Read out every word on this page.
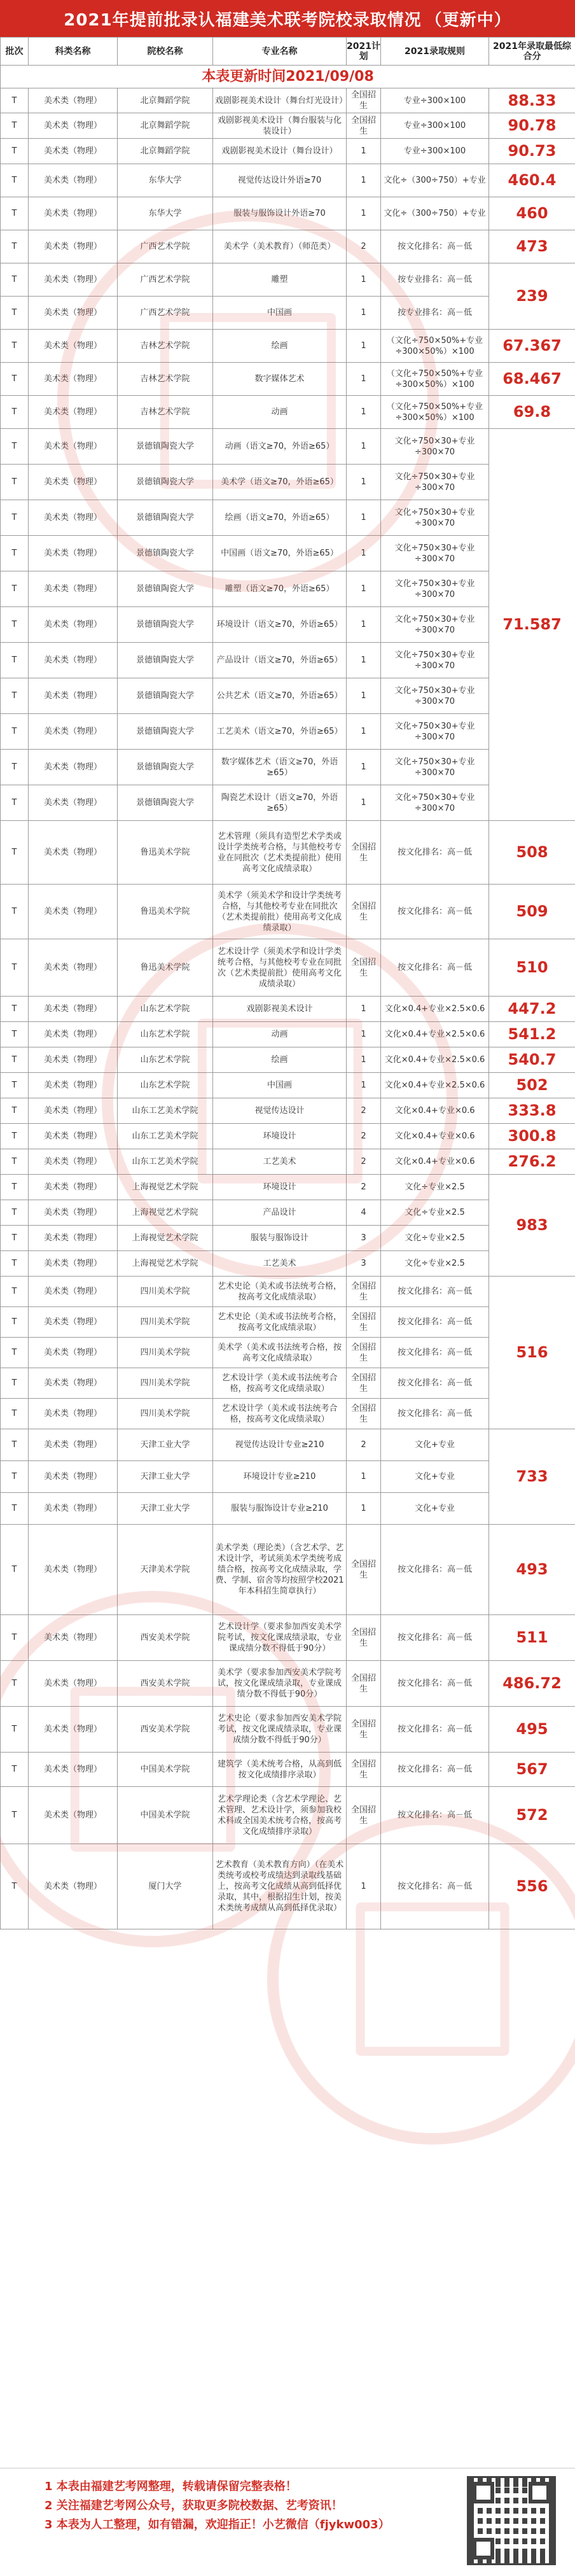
2021年提前批录认福建美术联考院校录取情况 （更新中）
批次	科类名称	院校名称	专业名称	2021计划	2021录取规则	2021年录取最低综合分
本表更新时间2021/09/08						
T	美术类（物理）	北京舞蹈学院	戏剧影视美术设计（舞台灯光设计）	全国招生	专业÷300×100	88.33
T	美术类（物理）	北京舞蹈学院	戏剧影视美术设计（舞台服装与化装设计）	全国招生	专业÷300×100	90.78
T	美术类（物理）	北京舞蹈学院	戏剧影视美术设计（舞台设计）	1	专业÷300×100	90.73
T	美术类（物理）	东华大学	视觉传达设计外语≥70	1	文化÷（300÷750）+专业	460.4
T	美术类（物理）	东华大学	服装与服饰设计外语≥70	1	文化÷（300÷750）+专业	460
T	美术类（物理）	广西艺术学院	美术学（美术教育）（师范类）	2	按文化排名：高－低	473
T	美术类（物理）	广西艺术学院	雕塑	1	按专业排名：高－低	239
T	美术类（物理）	广西艺术学院	中国画	1	按专业排名：高－低	
T	美术类（物理）	吉林艺术学院	绘画	1	（文化÷750×50%+专业÷300×50%）×100	67.367
T	美术类（物理）	吉林艺术学院	数字媒体艺术	1	（文化÷750×50%+专业÷300×50%）×100	68.467
T	美术类（物理）	吉林艺术学院	动画	1	（文化÷750×50%+专业÷300×50%）×100	69.8
T	美术类（物理）	景德镇陶瓷大学	动画（语文≥70，外语≥65）	1	文化÷750×30+专业÷300×70	71.587
T	美术类（物理）	景德镇陶瓷大学	美术学（语文≥70，外语≥65）	1	文化÷750×30+专业÷300×70	
T	美术类（物理）	景德镇陶瓷大学	绘画（语文≥70，外语≥65）	1	文化÷750×30+专业÷300×70	
T	美术类（物理）	景德镇陶瓷大学	中国画（语文≥70，外语≥65）	1	文化÷750×30+专业÷300×70	
T	美术类（物理）	景德镇陶瓷大学	雕塑（语文≥70，外语≥65）	1	文化÷750×30+专业÷300×70	
T	美术类（物理）	景德镇陶瓷大学	环境设计（语文≥70，外语≥65）	1	文化÷750×30+专业÷300×70	
T	美术类（物理）	景德镇陶瓷大学	产品设计（语文≥70，外语≥65）	1	文化÷750×30+专业÷300×70	
T	美术类（物理）	景德镇陶瓷大学	公共艺术（语文≥70，外语≥65）	1	文化÷750×30+专业÷300×70	
T	美术类（物理）	景德镇陶瓷大学	工艺美术（语文≥70，外语≥65）	1	文化÷750×30+专业÷300×70	
T	美术类（物理）	景德镇陶瓷大学	数字媒体艺术（语文≥70，外语≥65）	1	文化÷750×30+专业÷300×70	
T	美术类（物理）	景德镇陶瓷大学	陶瓷艺术设计（语文≥70，外语≥65）	1	文化÷750×30+专业÷300×70	
T	美术类（物理）	鲁迅美术学院	艺术管理（须具有造型艺术学类或设计学类统考合格，与其他校考专业在同批次（艺术类提前批）使用高考文化成绩录取）	全国招生	按文化排名：高－低	508
T	美术类（物理）	鲁迅美术学院	美术学（须美术学和设计学类统考合格，与其他校考专业在同批次（艺术类提前批）使用高考文化成绩录取）	全国招生	按文化排名：高－低	509
T	美术类（物理）	鲁迅美术学院	艺术设计学（须美术学和设计学类统考合格，与其他校考专业在同批次（艺术类提前批）使用高考文化成绩录取）	全国招生	按文化排名：高－低	510
T	美术类（物理）	山东艺术学院	戏剧影视美术设计	1	文化×0.4+专业×2.5×0.6	447.2
T	美术类（物理）	山东艺术学院	动画	1	文化×0.4+专业×2.5×0.6	541.2
T	美术类（物理）	山东艺术学院	绘画	1	文化×0.4+专业×2.5×0.6	540.7
T	美术类（物理）	山东艺术学院	中国画	1	文化×0.4+专业×2.5×0.6	502
T	美术类（物理）	山东工艺美术学院	视觉传达设计	2	文化×0.4+专业×0.6	333.8
T	美术类（物理）	山东工艺美术学院	环境设计	2	文化×0.4+专业×0.6	300.8
T	美术类（物理）	山东工艺美术学院	工艺美术	2	文化×0.4+专业×0.6	276.2
T	美术类（物理）	上海视觉艺术学院	环境设计	2	文化÷专业×2.5	983
T	美术类（物理）	上海视觉艺术学院	产品设计	4	文化÷专业×2.5	
T	美术类（物理）	上海视觉艺术学院	服装与服饰设计	3	文化÷专业×2.5	
T	美术类（物理）	上海视觉艺术学院	工艺美术	3	文化÷专业×2.5	
T	美术类（物理）	四川美术学院	艺术史论（美术或书法统考合格，按高考文化成绩录取）	全国招生	按文化排名：高－低	516
T	美术类（物理）	四川美术学院	艺术史论（美术或书法统考合格，按高考文化成绩录取）	全国招生	按文化排名：高－低	
T	美术类（物理）	四川美术学院	美术学（美术或书法统考合格，按高考文化成绩录取）	全国招生	按文化排名：高－低	
T	美术类（物理）	四川美术学院	艺术设计学（美术或书法统考合格，按高考文化成绩录取）	全国招生	按文化排名：高－低	
T	美术类（物理）	四川美术学院	艺术设计学（美术或书法统考合格，按高考文化成绩录取）	全国招生	按文化排名：高－低	
T	美术类（物理）	天津工业大学	视觉传达设计专业≥210	2	文化+专业	733
T	美术类（物理）	天津工业大学	环境设计专业≥210	1	文化+专业	
T	美术类（物理）	天津工业大学	服装与服饰设计专业≥210	1	文化+专业	
T	美术类（物理）	天津美术学院	美术学类（理论类）（含艺术学、艺术设计学，考试须美术学类统考成绩合格，按高考文化成绩录取，学费、学制、宿舍等均按照学校2021年本科招生简章执行）	全国招生	按文化排名：高－低	493
T	美术类（物理）	西安美术学院	艺术设计学（要求参加西安美术学院考试，按文化课成绩录取，专业课成绩分数不得低于90分）	全国招生	按文化排名：高－低	511
T	美术类（物理）	西安美术学院	美术学（要求参加西安美术学院考试，按文化课成绩录取，专业课成绩分数不得低于90分）	全国招生	按文化排名：高－低	486.72
T	美术类（物理）	西安美术学院	艺术史论（要求参加西安美术学院考试，按文化课成绩录取，专业课成绩分数不得低于90分）	全国招生	按文化排名：高－低	495
T	美术类（物理）	中国美术学院	建筑学（美术统考合格，从高到低按文化成绩排序录取）	全国招生	按文化排名：高－低	567
T	美术类（物理）	中国美术学院	艺术学理论类（含艺术学理论、艺术管理、艺术设计学，须参加我校术科或全国美术统考合格，按高考文化成绩排序录取）	全国招生	按文化排名：高－低	572
T	美术类（物理）	厦门大学	艺术教育（美术教育方向）（在美术类统考或校考成绩达到录取线基础上，按高考文化成绩从高到低择优录取，其中，根据招生计划，按美术类统考成绩从高到低择优录取）	1	按文化排名：高－低	556
1 本表由福建艺考网整理，转载请保留完整表格！
2 关注福建艺考网公众号，获取更多院校数据、艺考资讯！
3 本表为人工整理，如有错漏，欢迎指正！小艺微信（fjykw003）
